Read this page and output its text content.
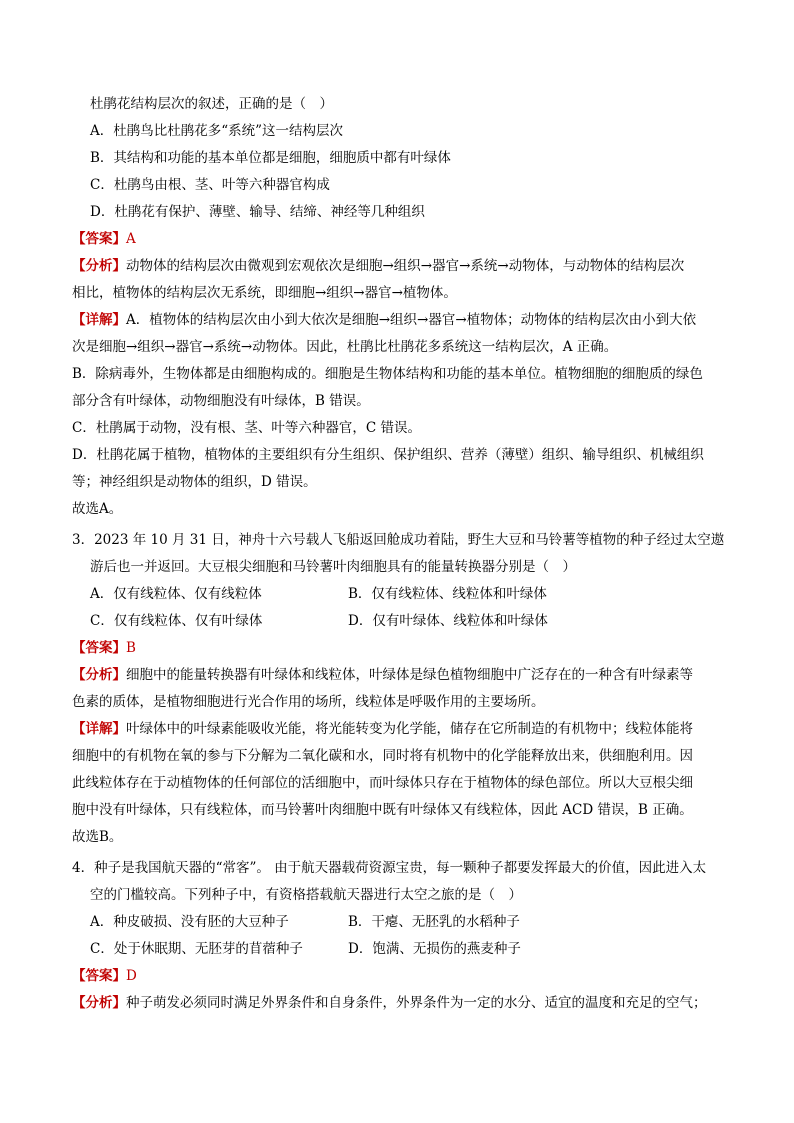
杜鹃花结构层次的叙述，正确的是（　）
A．杜鹃鸟比杜鹃花多“系统”这一结构层次
B．其结构和功能的基本单位都是细胞，细胞质中都有叶绿体
C．杜鹃鸟由根、茎、叶等六种器官构成
D．杜鹃花有保护、薄壁、输导、结缔、神经等几种组织
【答案】A
【分析】动物体的结构层次由微观到宏观依次是细胞→组织→器官→系统→动物体，与动物体的结构层次
相比，植物体的结构层次无系统，即细胞→组织→器官→植物体。
【详解】A．植物体的结构层次由小到大依次是细胞→组织→器官→植物体；动物体的结构层次由小到大依
次是细胞→组织→器官→系统→动物体。因此，杜鹃比杜鹃花多系统这一结构层次，A 正确。
B．除病毒外，生物体都是由细胞构成的。细胞是生物体结构和功能的基本单位。植物细胞的细胞质的绿色
部分含有叶绿体，动物细胞没有叶绿体，B 错误。
C．杜鹃属于动物，没有根、茎、叶等六种器官，C 错误。
D．杜鹃花属于植物，植物体的主要组织有分生组织、保护组织、营养（薄壁）组织、输导组织、机械组织
等；神经组织是动物体的组织，D 错误。
故选A。
3．2023 年 10 月 31 日，神舟十六号载人飞船返回舱成功着陆，野生大豆和马铃薯等植物的种子经过太空遨
游后也一并返回。大豆根尖细胞和马铃薯叶肉细胞具有的能量转换器分别是（　）
A．仅有线粒体、仅有线粒体	B．仅有线粒体、线粒体和叶绿体
C．仅有线粒体、仅有叶绿体	D．仅有叶绿体、线粒体和叶绿体
【答案】B
【分析】细胞中的能量转换器有叶绿体和线粒体，叶绿体是绿色植物细胞中广泛存在的一种含有叶绿素等
色素的质体，是植物细胞进行光合作用的场所，线粒体是呼吸作用的主要场所。
【详解】叶绿体中的叶绿素能吸收光能，将光能转变为化学能，储存在它所制造的有机物中；线粒体能将
细胞中的有机物在氧的参与下分解为二氧化碳和水，同时将有机物中的化学能释放出来，供细胞利用。因
此线粒体存在于动植物体的任何部位的活细胞中，而叶绿体只存在于植物体的绿色部位。所以大豆根尖细
胞中没有叶绿体，只有线粒体，而马铃薯叶肉细胞中既有叶绿体又有线粒体，因此 ACD 错误，B 正确。
故选B。
4．种子是我国航天器的“常客”。 由于航天器载荷资源宝贵，每一颗种子都要发挥最大的价值，因此进入太
空的门槛较高。下列种子中，有资格搭载航天器进行太空之旅的是（　）
A．种皮破损、没有胚的大豆种子	B．干瘪、无胚乳的水稻种子
C．处于休眠期、无胚芽的苜蓿种子	D．饱满、无损伤的燕麦种子
【答案】D
【分析】种子萌发必须同时满足外界条件和自身条件，外界条件为一定的水分、适宜的温度和充足的空气；
